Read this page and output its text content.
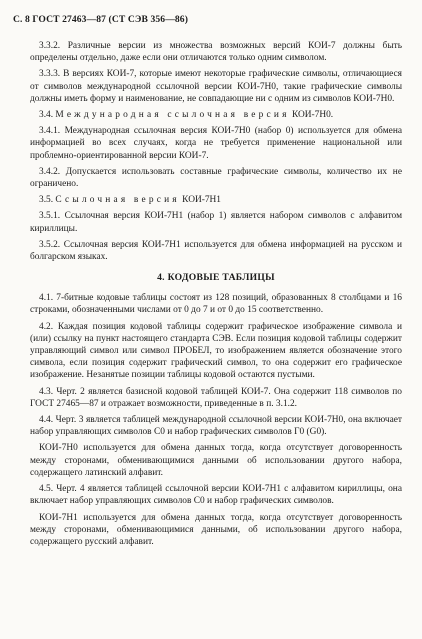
С. 8 ГОСТ 27463—87 (СТ СЭВ 356—86)

3.3.2. Различные версии из множества возможных версий КОИ-7 должны быть определены отдельно, даже если они отличаются только одним символом.

3.3.3. В версиях КОИ-7, которые имеют некоторые графические символы, отличающиеся от символов международной ссылочной версии КОИ-7Н0, такие графические символы должны иметь форму и наименование, не совпадающие ни с одним из символов КОИ-7Н0.

3.4. Международная ссылочная версия КОИ-7Н0.

3.4.1. Международная ссылочная версия КОИ-7Н0 (набор 0) используется для обмена информацией во всех случаях, когда не требуется применение национальной или проблемно-ориентированной версии КОИ-7.

3.4.2. Допускается использовать составные графические символы, количество их не ограничено.

3.5. Ссылочная версия КОИ-7Н1

3.5.1. Ссылочная версия КОИ-7Н1 (набор 1) является набором символов с алфавитом кириллицы.

3.5.2. Ссылочная версия КОИ-7Н1 используется для обмена информацией на русском и болгарском языках.

4. КОДОВЫЕ ТАБЛИЦЫ

4.1. 7-битные кодовые таблицы состоят из 128 позиций, образованных 8 столбцами и 16 строками, обозначенными числами от 0 до 7 и от 0 до 15 соответственно.

4.2. Каждая позиция кодовой таблицы содержит графическое изображение символа и (или) ссылку на пункт настоящего стандарта СЭВ. Если позиция кодовой таблицы содержит управляющий символ или символ ПРОБЕЛ, то изображением является обозначение этого символа, если позиция содержит графический символ, то она содержит его графическое изображение. Незанятые позиции таблицы кодовой остаются пустыми.

4.3. Черт. 2 является базисной кодовой таблицей КОИ-7. Она содержит 118 символов по ГОСТ 27465—87 и отражает возможности, приведенные в п. 3.1.2.

4.4. Черт. 3 является таблицей международной ссылочной версии КОИ-7Н0, она включает набор управляющих символов С0 и набор графических символов Г0 (G0).

КОИ-7Н0 используется для обмена данных тогда, когда отсутствует договоренность между сторонами, обменивающимися данными об использовании другого набора, содержащего латинский алфавит.

4.5. Черт. 4 является таблицей ссылочной версии КОИ-7Н1 с алфавитом кириллицы, она включает набор управляющих символов С0 и набор графических символов.

КОИ-7Н1 используется для обмена данных тогда, когда отсутствует договоренность между сторонами, обменивающимися данными, об использовании другого набора, содержащего русский алфавит.
